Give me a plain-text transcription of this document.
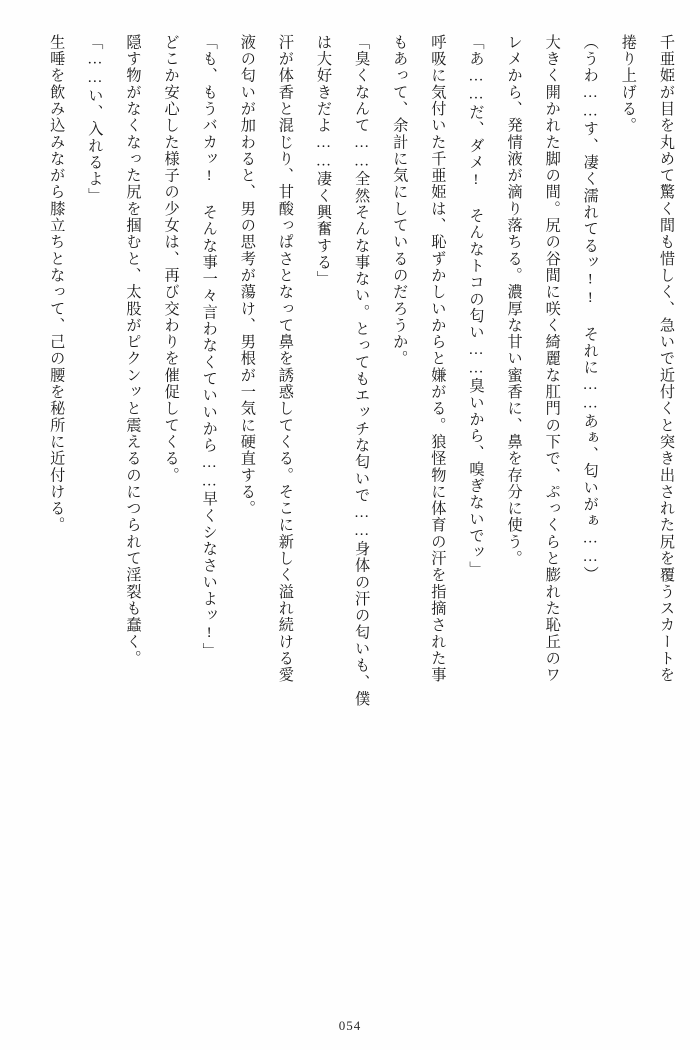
千亜姫が目を丸めて驚く間も惜しく、急いで近付くと突き出された尻を覆うスカートを
捲り上げる。
（うわ……す、凄く濡れてるッ!! それに……あぁ、匂いがぁ……）
大きく開かれた脚の間。尻の谷間に咲く綺麗な肛門の下で、ぷっくらと膨れた恥丘のワ
レメから、発情液が滴り落ちる。濃厚な甘い蜜香に、鼻を存分に使う。
「あ……だ、ダメ! そんなトコの匂い……臭いから、嗅ぎないでッ」
呼吸に気付いた千亜姫は、恥ずかしいからと嫌がる。狼怪物に体育の汗を指摘された事
もあって、余計に気にしているのだろうか。
「臭くなんて……全然そんな事ない。とってもエッチな匂いで……身体の汗の匂いも、僕
は大好きだよ……凄く興奮する」
汗が体香と混じり、甘酸っぱさとなって鼻を誘惑してくる。そこに新しく溢れ続ける愛
液の匂いが加わると、男の思考が蕩け、男根が一気に硬直する。
「も、もうバカッ! そんな事一々言わなくていいから……早くシなさいよッ!」
どこか安心した様子の少女は、再び交わりを催促してくる。
隠す物がなくなった尻を掴むと、太股がピクンッと震えるのにつられて淫裂も蠢く。
「……い、入れるよ」
生唾を飲み込みながら膝立ちとなって、己の腰を秘所に近付ける。
054
